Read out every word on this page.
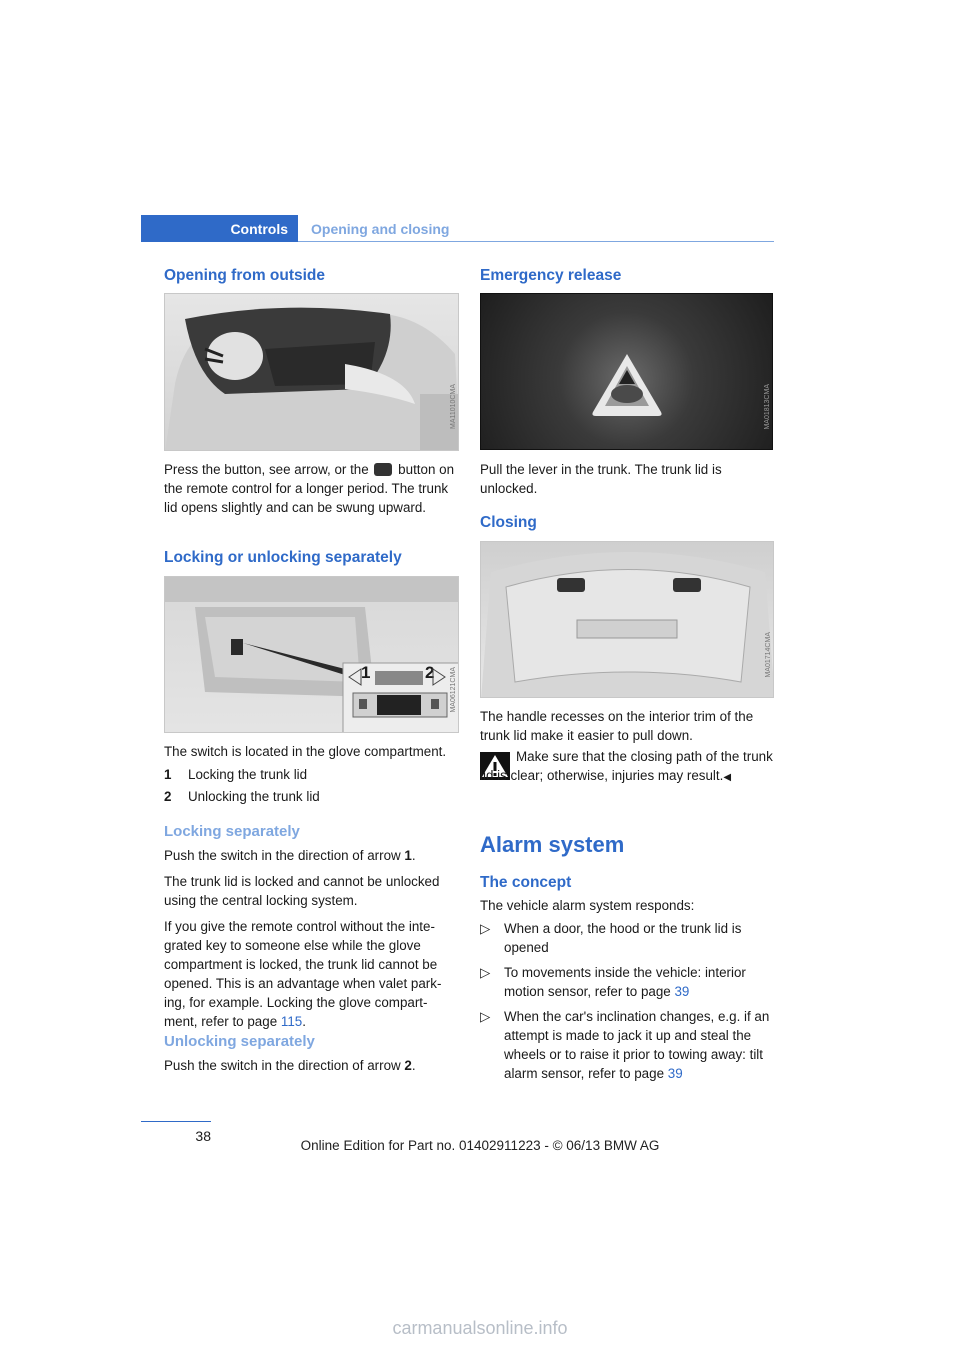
Controls	Opening and closing
Opening from outside
MA11010CMA

Press the button, see arrow, or the button on the remote control for a longer period. The trunk lid opens slightly and can be swung upward.

Locking or unlocking separately
1	2 MA06121CMA
The switch is located in the glove compartment.

1 Locking the trunk lid

2 Unlocking the trunk lid

Locking separately

Push the switch in the direction of arrow 1.

The trunk lid is locked and cannot be unlocked using the central locking system.

If you give the remote control without the inte-grated key to someone else while the glove compartment is locked, the trunk lid cannot be opened. This is an advantage when valet park-ing, for example. Locking the glove compart-ment, refer to page 115.

Unlocking separately

Push the switch in the direction of arrow 2.

Emergency release
MA01813CMA
Pull the lever in the trunk. The trunk lid is unlocked.
Closing
MA01714CMA
The handle recesses on the interior trim of the trunk lid make it easier to pull down.

Make sure that the closing path of the trunk lid is clear; otherwise, injuries may result.◀

Alarm system
The concept
The vehicle alarm system responds:
▷	When a door, the hood or the trunk lid is opened
▷	To movements inside the vehicle: interior motion sensor, refer to page 39
▷	When the car's inclination changes, e.g. if an attempt is made to jack it up and steal the wheels or to raise it prior to towing away: tilt alarm sensor, refer to page 39
38
Online Edition for Part no. 01402911223 - © 06/13 BMW AG
carmanualsonline.info
